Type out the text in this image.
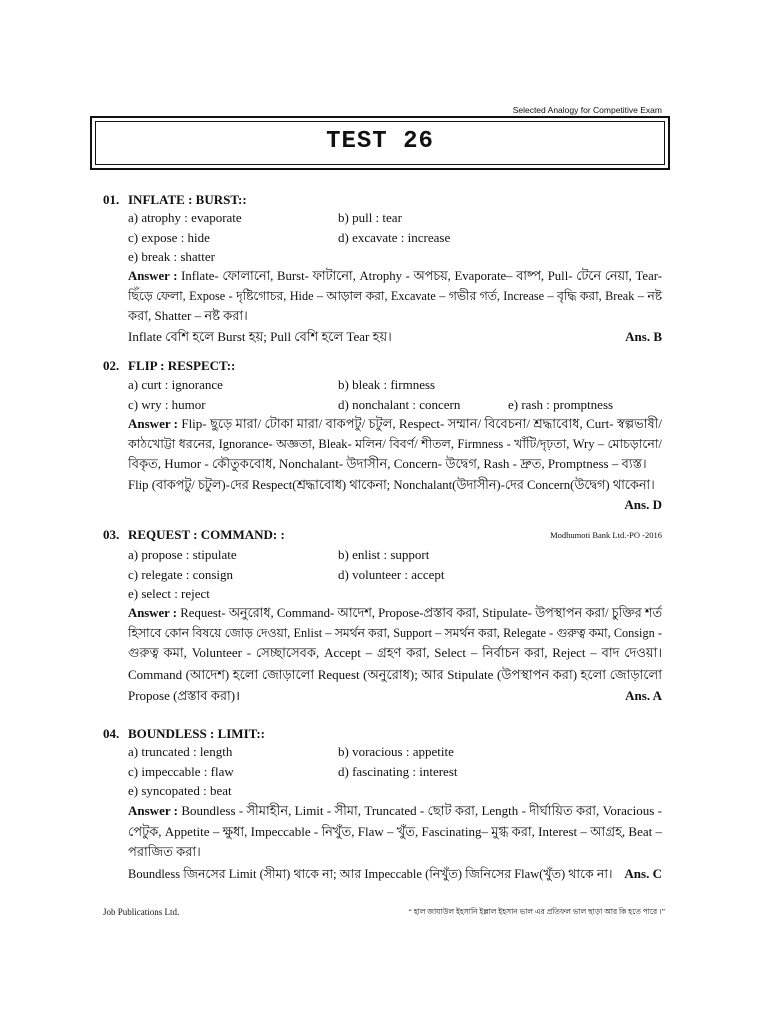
Selected Analogy for Competitive Exam
TEST 26
01. INFLATE : BURST::
a) atrophy : evaporate	b) pull : tear
c) expose : hide	d) excavate : increase
e) break : shatter
Answer : Inflate- ফোলানো, Burst- ফাটানো, Atrophy - অপচয়, Evaporate– বাষ্প, Pull- টেনে নেয়া, Tear-
ছিঁড়ে ফেলা, Expose - দৃষ্টিগোচর, Hide – আড়াল করা, Excavate – গভীর গর্ত, Increase – বৃদ্ধি করা, Break – নষ্ট
করা, Shatter – নষ্ট করা।
Inflate বেশি হলে Burst হয়; Pull বেশি হলে Tear হয়।	Ans. B
02. FLIP : RESPECT::
a) curt : ignorance	b) bleak : firmness
c) wry : humor	d) nonchalant : concern	e) rash : promptness
Answer : Flip- ছুড়ে মারা/ টোকা মারা/ বাকপটু/ চটুল, Respect- সম্মান/ বিবেচনা/ শ্রদ্ধাবোধ, Curt- স্বল্পভাষী/
কাঠখোট্টা ধরনের, Ignorance- অজ্ঞতা, Bleak- মলিন/ বিবর্ণ/ শীতল, Firmness - খাঁটি/দৃঢ়তা, Wry – মোচড়ানো/
বিকৃত, Humor - কৌতুকবোধ, Nonchalant- উদাসীন, Concern- উদ্বেগ, Rash - দ্রুত, Promptness – ব্যস্ত।
Flip (বাকপটু/ চটুল)-দের Respect(শ্রদ্ধাবোধ) থাকেনা; Nonchalant(উদাসীন)-দের Concern(উদ্বেগ) থাকেনা।
Ans. D
03. REQUEST : COMMAND: :	Modhumoti Bank Ltd.-PO -2016
a) propose : stipulate	b) enlist : support
c) relegate : consign	d) volunteer : accept
e) select : reject
Answer : Request- অনুরোধ, Command- আদেশ, Propose-প্রস্তাব করা, Stipulate- উপস্থাপন করা/ চুক্তির শর্ত
হিসাবে কোন বিষয়ে জোড় দেওয়া, Enlist – সমর্থন করা, Support – সমর্থন করা, Relegate - গুরুত্ব কমা, Consign -
গুরুত্ব কমা, Volunteer - সেচ্ছাসেবক, Accept – গ্রহণ করা, Select – নির্বাচন করা, Reject – বাদ দেওয়া।
Command (আদেশ) হলো জোড়ালো Request (অনুরোধ); আর Stipulate (উপস্থাপন করা) হলো জোড়ালো
Propose (প্রস্তাব করা)।	Ans. A
04. BOUNDLESS : LIMIT::
a) truncated : length	b) voracious : appetite
c) impeccable : flaw	d) fascinating : interest
e) syncopated : beat
Answer : Boundless - সীমাহীন, Limit - সীমা, Truncated - ছোট করা, Length - দীর্ঘায়িত করা, Voracious -
পেটুক, Appetite – ক্ষুধা, Impeccable - নিখুঁত, Flaw – খুঁত, Fascinating– মুগ্ধ করা, Interest – আগ্রহ, Beat –
পরাজিত করা।
Boundless জিনসের Limit (সীমা) থাকে না; আর Impeccable (নিখুঁত) জিনিসের Flaw(খুঁত) থাকে না। Ans. C
Job Publications Ltd.	“ হাল জাযাউল ইহসানি ইল্লাল ইহসান ভাল এর প্রতিফল ভাল ছাড়া আর কি হতে পারে ।”
